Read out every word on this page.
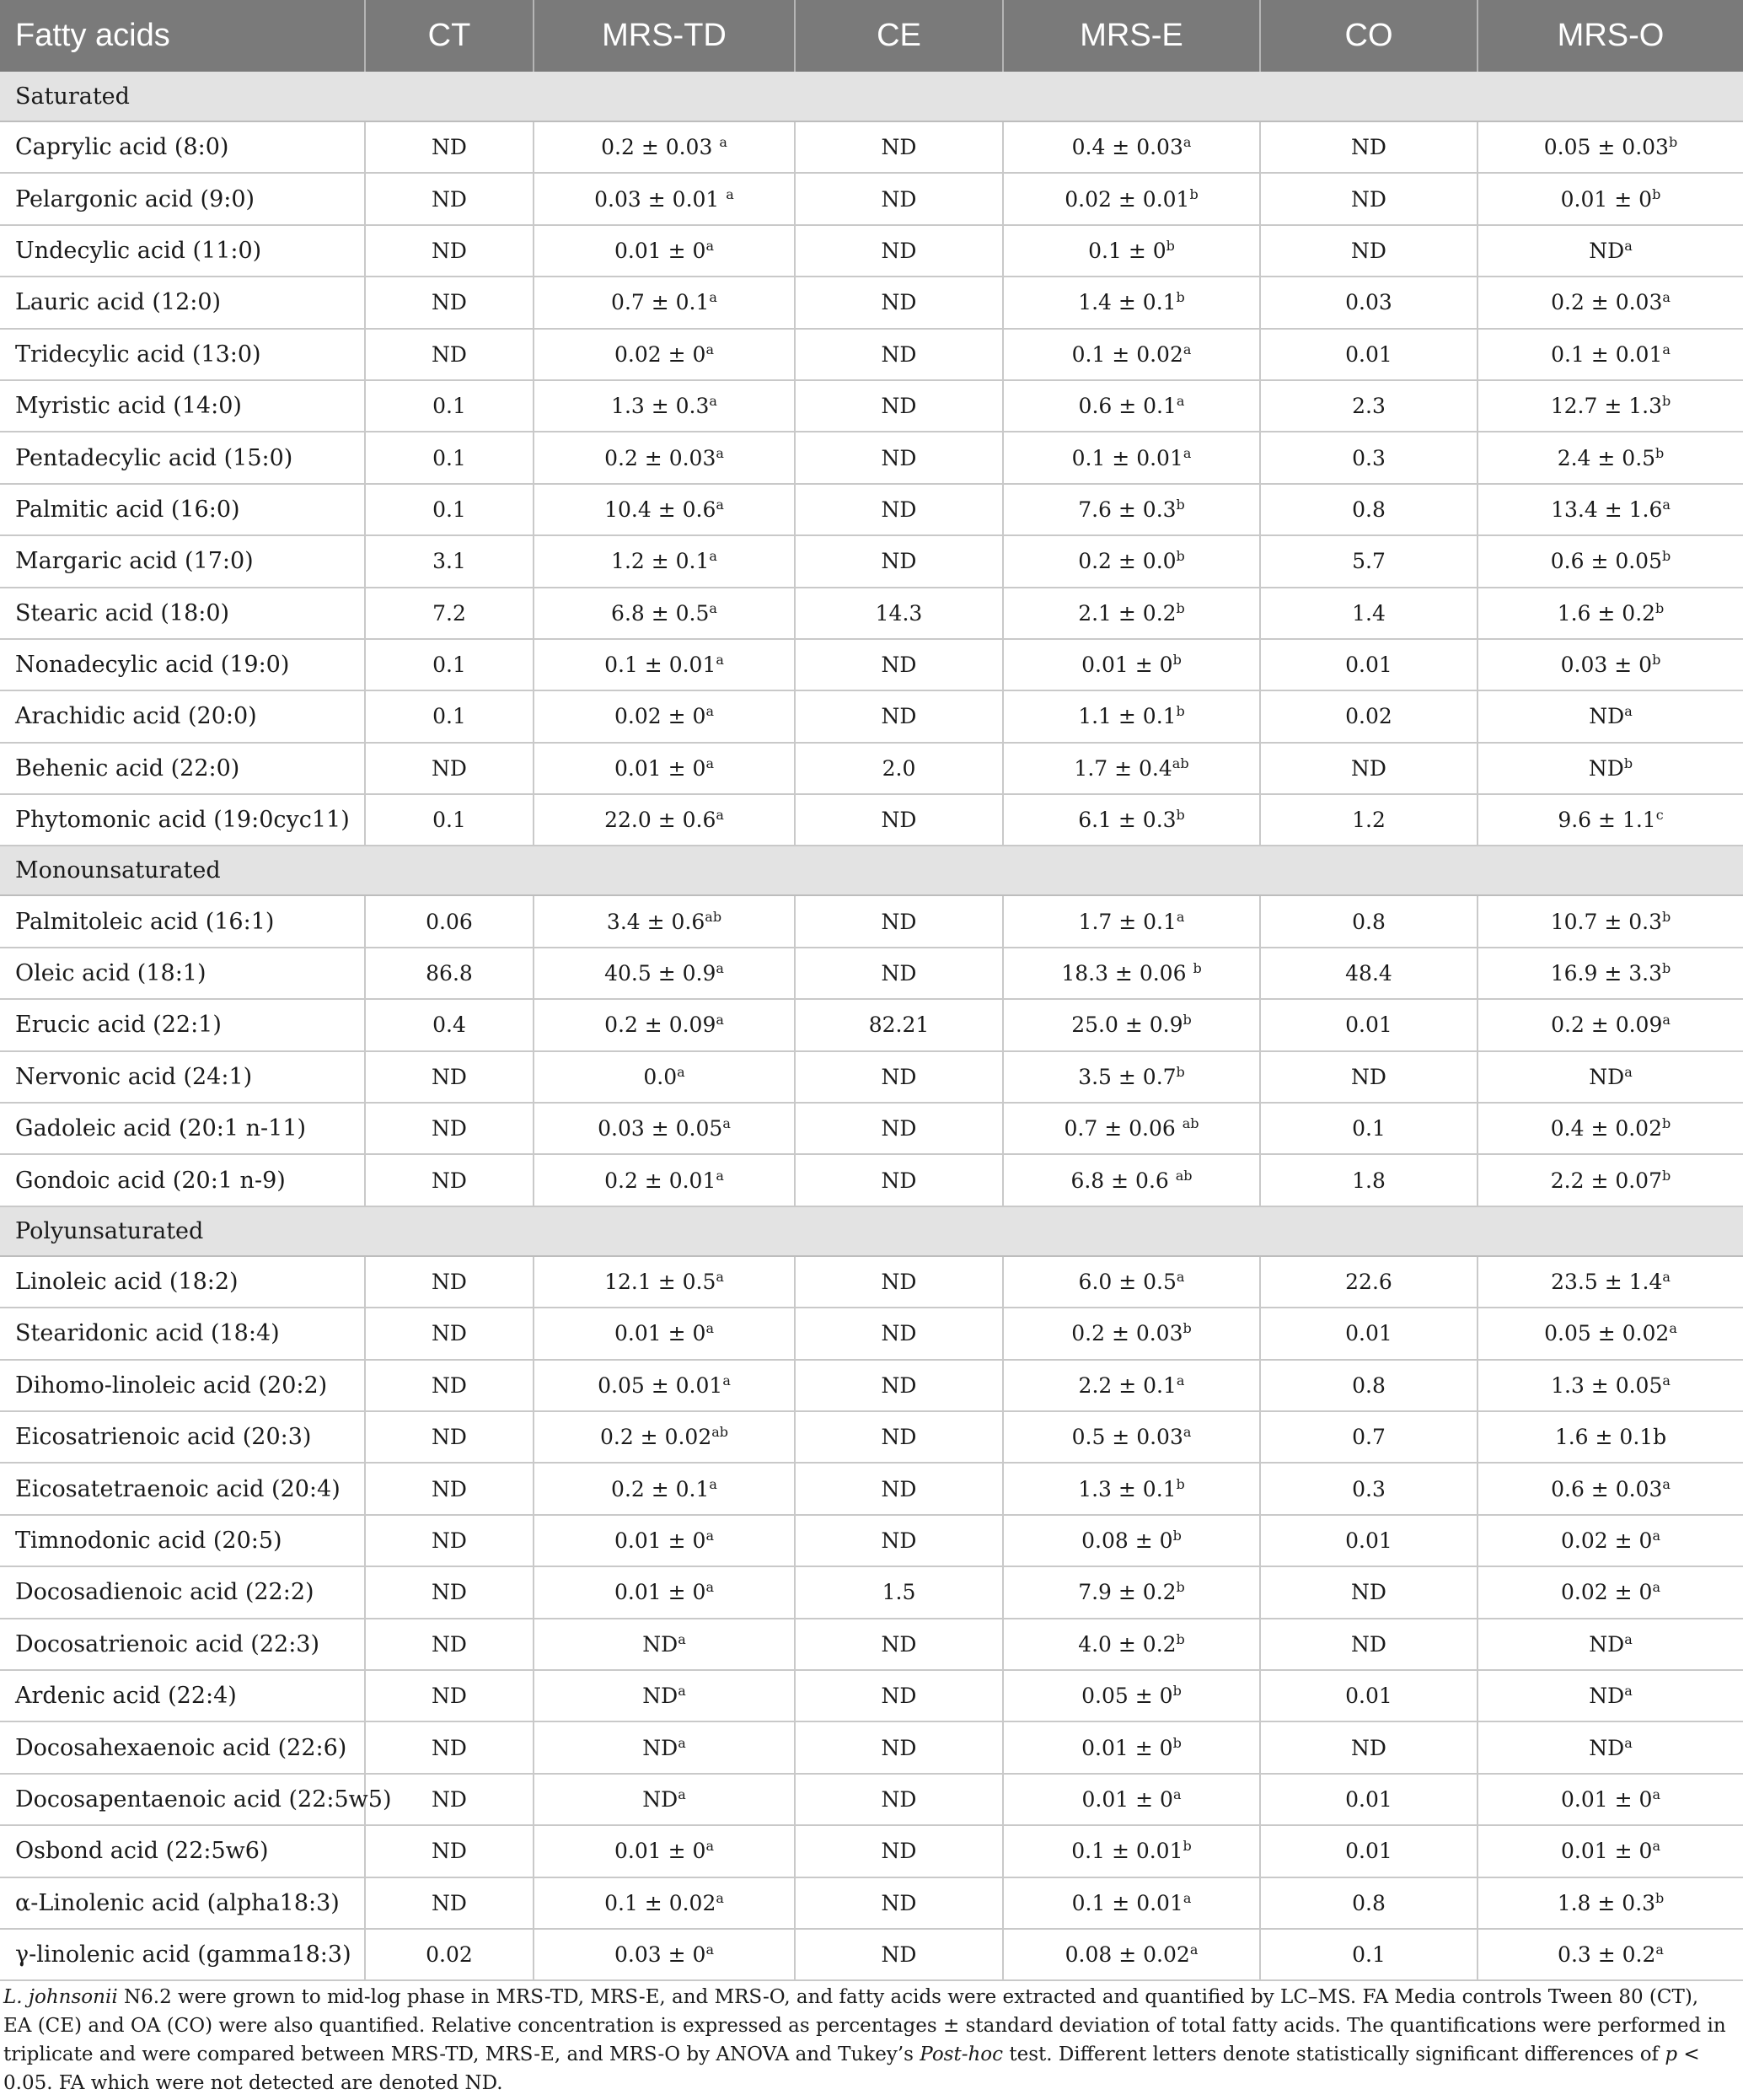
Fatty acids	CT	MRS-TD	CE	MRS-E	CO	MRS-O
Saturated						
Caprylic acid (8:0)	ND	0.2 ± 0.03 $^a$	ND	0.4 ± 0.03$^a$	ND	0.05 ± 0.03$^b$
Pelargonic acid (9:0)	ND	0.03 ± 0.01 $^a$	ND	0.02 ± 0.01$^b$	ND	$0.01 \pm 0^b$
Undecylic acid (11:0)	ND	$0.01 \pm 0^a$	ND	$0.1 \pm 0^b$	ND	$ND^a$
Lauric acid (12:0)	ND	0.7 ± 0.1$^a$	ND	1.4 ± 0.1$^b$	0.03	0.2 ± 0.03$^a$
Tridecylic acid (13:0)	ND	$0.02 \pm 0^a$	ND	0.1 ± 0.02$^a$	0.01	0.1 ± 0.01$^a$
Myristic acid (14:0)	0.1	1.3 ± 0.3$^a$	ND	0.6 ± 0.1$^a$	2.3	12.7 ± 1.3$^b$
Pentadecylic acid (15:0)	0.1	0.2 ± 0.03$^a$	ND	0.1 ± 0.01$^a$	0.3	2.4 ± 0.5$^b$
Palmitic acid (16:0)	0.1	10.4 ± 0.6$^a$	ND	7.6 ± 0.3$^b$	0.8	13.4 ± 1.6$^a$
Margaric acid (17:0)	3.1	1.2 ± 0.1$^a$	ND	0.2 ± 0.0$^b$	5.7	0.6 ± 0.05$^b$
Stearic acid (18:0)	7.2	6.8 ± 0.5$^a$	14.3	2.1 ± 0.2$^b$	1.4	1.6 ± 0.2$^b$
Nonadecylic acid (19:0)	0.1	0.1 ± 0.01$^a$	ND	$0.01 \pm 0^b$	0.01	$0.03 \pm 0^b$
Arachidic acid (20:0)	0.1	$0.02 \pm 0^a$	ND	1.1 ± 0.1$^b$	0.02	$ND^a$
Behenic acid (22:0)	ND	$0.01 \pm 0^a$	2.0	1.7 ± 0.4$^{ab}$	ND	$ND^b$
Phytomonic acid (19:0cyc11)	0.1	22.0 ± 0.6$^a$	ND	6.1 ± 0.3$^b$	1.2	9.6 ± 1.1$^c$
Monounsaturated						
Palmitoleic acid (16:1)	0.06	3.4 ± 0.6$^{ab}$	ND	1.7 ± 0.1$^a$	0.8	10.7 ± 0.3$^b$
Oleic acid (18:1)	86.8	40.5 ± 0.9$^a$	ND	18.3 ± 0.06 $^b$	48.4	16.9 ± 3.3$^b$
Erucic acid (22:1)	0.4	0.2 ± 0.09$^a$	82.21	25.0 ± 0.9$^b$	0.01	0.2 ± 0.09$^a$
Nervonic acid (24:1)	ND	0.0$^a$	ND	3.5 ± 0.7$^b$	ND	$ND^a$
Gadoleic acid (20:1 n-11)	ND	0.03 ± 0.05$^a$	ND	0.7 ± 0.06 $^{ab}$	0.1	0.4 ± 0.02$^b$
Gondoic acid (20:1 n-9)	ND	0.2 ± 0.01$^a$	ND	6.8 ± 0.6 $^{ab}$	1.8	2.2 ± 0.07$^b$
Polyunsaturated						
Linoleic acid (18:2)	ND	12.1 ± 0.5$^a$	ND	6.0 ± 0.5$^a$	22.6	23.5 ± 1.4$^a$
Stearidonic acid (18:4)	ND	$0.01 \pm 0^a$	ND	0.2 ± 0.03$^b$	0.01	0.05 ± 0.02$^a$
Dihomo-linoleic acid (20:2)	ND	0.05 ± 0.01$^a$	ND	2.2 ± 0.1$^a$	0.8	1.3 ± 0.05$^a$
Eicosatrienoic acid (20:3)	ND	0.2 ± 0.02$^{ab}$	ND	0.5 ± 0.03$^a$	0.7	1.6 ± 0.1b
Eicosatetraenoic acid (20:4)	ND	0.2 ± 0.1$^a$	ND	1.3 ± 0.1$^b$	0.3	0.6 ± 0.03$^a$
Timnodonic acid (20:5)	ND	$0.01 \pm 0^a$	ND	$0.08 \pm 0^b$	0.01	$0.02 \pm 0^a$
Docosadienoic acid (22:2)	ND	$0.01 \pm 0^a$	1.5	7.9 ± 0.2$^b$	ND	$0.02 \pm 0^a$
Docosatrienoic acid (22:3)	ND	$ND^a$	ND	4.0 ± 0.2$^b$	ND	$ND^a$
Ardenic acid (22:4)	ND	$ND^a$	ND	$0.05 \pm 0^b$	0.01	$ND^a$
Docosahexaenoic acid (22:6)	ND	$ND^a$	ND	$0.01 \pm 0^b$	ND	$ND^a$
Docosapentaenoic acid (22:5w5)	ND	$ND^a$	ND	$0.01 \pm 0^a$	0.01	$0.01 \pm 0^a$
Osbond acid (22:5w6)	ND	$0.01 \pm 0^a$	ND	0.1 ± 0.01$^b$	0.01	$0.01 \pm 0^a$
α-Linolenic acid (alpha18:3)	ND	0.1 ± 0.02$^a$	ND	0.1 ± 0.01$^a$	0.8	1.8 ± 0.3$^b$
γ-linolenic acid (gamma18:3)	0.02	$0.03 \pm 0^a$	ND	0.08 ± 0.02$^a$	0.1	0.3 ± 0.2$^a$
L. johnsonii N6.2 were grown to mid-log phase in MRS-TD, MRS-E, and MRS-O, and fatty acids were extracted and quantified by LC–MS. FA Media controls Tween 80 (CT), EA (CE) and OA (CO) were also quantified. Relative concentration is expressed as percentages ± standard deviation of total fatty acids. The quantifications were performed in triplicate and were compared between MRS-TD, MRS-E, and MRS-O by ANOVA and Tukey’s Post-hoc test. Different letters denote statistically significant differences of p < 0.05. FA which were not detected are denoted ND.
